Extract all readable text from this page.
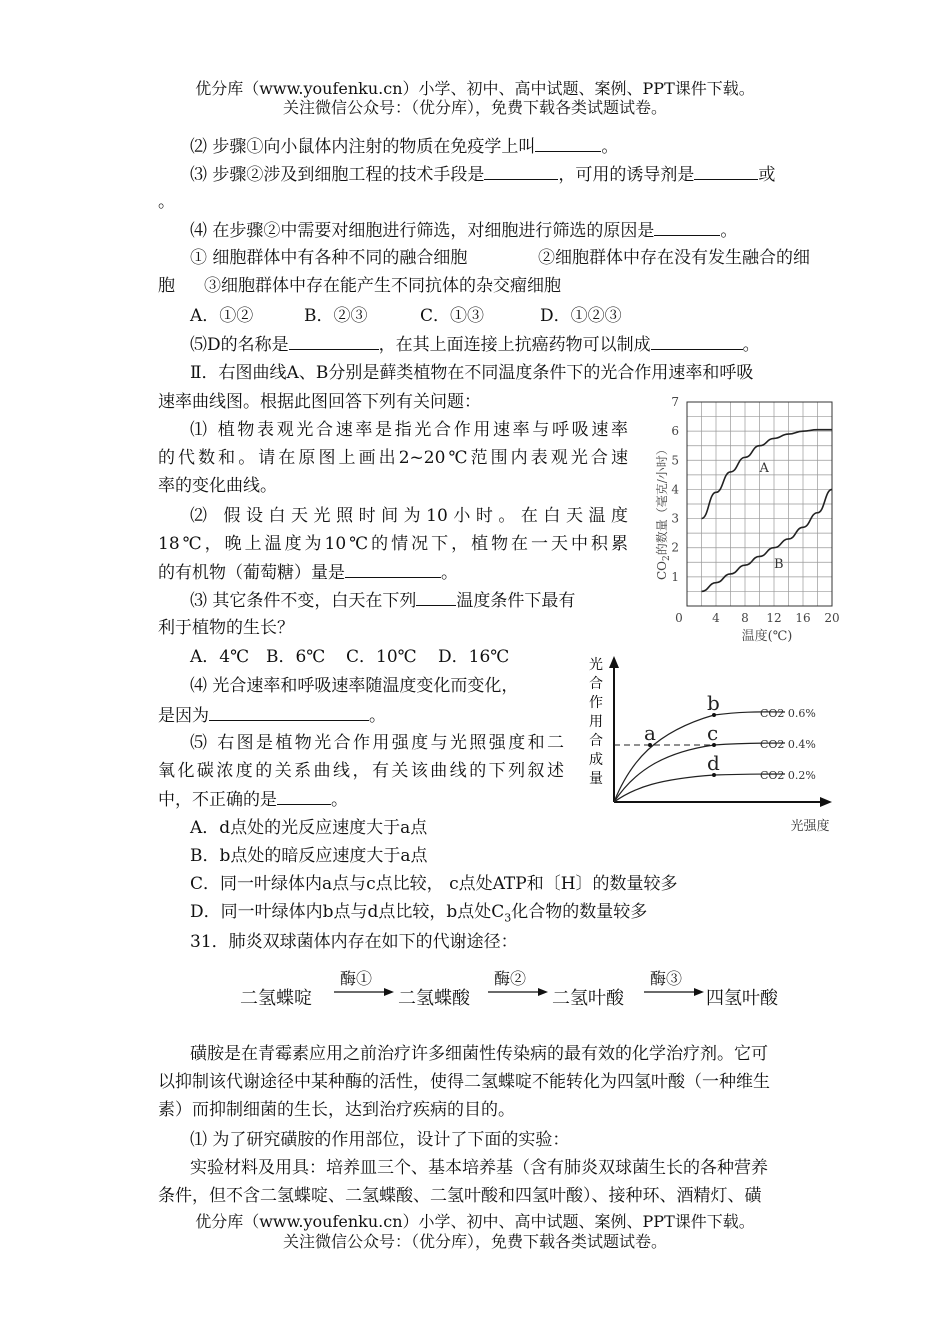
优分库（www.youfenku.cn）小学、初中、高中试题、案例、PPT课件下载。
关注微信公众号：（优分库），免费下载各类试题试卷。
⑵ 步骤①向小鼠体内注射的物质在免疫学上叫	。
⑶ 步骤②涉及到细胞工程的技术手段是	，可用的诱导剂是	或
。
⑷ 在步骤②中需要对细胞进行筛选，对细胞进行筛选的原因是	。
① 细胞群体中有各种不同的融合细胞	②细胞群体中存在没有发生融合的细
胞	③细胞群体中存在能产生不同抗体的杂交瘤细胞
A．①②	B．②③	C．①③	D．①②③
⑸D的名称是	，在其上面连接上抗癌药物可以制成	。
Ⅱ．右图曲线A、B分别是藓类植物在不同温度条件下的光合作用速率和呼吸
速率曲线图。根据此图回答下列有关问题：
⑴ 植物表观光合速率是指光合作用速率与呼吸速率
的代数和。请在原图上画出2~20℃范围内表观光合速
率的变化曲线。
⑵ 假设白天光照时间为10小时。在白天温度
18℃，晚上温度为10℃的情况下，植物在一天中积累
的有机物（葡萄糖）量是	。
⑶ 其它条件不变，白天在下列 温度条件下最有
利于植物的生长？
A．4℃ B．6℃	C．10℃	D．16℃
⑷ 光合速率和呼吸速率随温度变化而变化，
是因为	。
⑸ 右图是植物光合作用强度与光照强度和二
氧化碳浓度的关系曲线，有关该曲线的下列叙述
中，不正确的是	。
A．d点处的光反应速度大于a点
B．b点处的暗反应速度大于a点
C．同一叶绿体内a点与c点比较， c点处ATP和〔H〕的数量较多
D．同一叶绿体内b点与d点比较，b点处$C_3$化合物的数量较多
1
2
3
4
5
6
7
0 4 8 12 16 20
A
B
$CO_2$的数量（毫克/小时）
温度(℃)
光
合
作
用
合
成
量
a
b
c
d
CO2 0.6%
CO2 0.4%
CO2 0.2%
光强度
31．肺炎双球菌体内存在如下的代谢途径：
二氢蝶啶
酶①
二氢蝶酸
酶②
二氢叶酸
酶③
四氢叶酸
磺胺是在青霉素应用之前治疗许多细菌性传染病的最有效的化学治疗剂。它可
以抑制该代谢途径中某种酶的活性，使得二氢蝶啶不能转化为四氢叶酸（一种维生
素）而抑制细菌的生长，达到治疗疾病的目的。
⑴ 为了研究磺胺的作用部位，设计了下面的实验：
实验材料及用具：培养皿三个、基本培养基（含有肺炎双球菌生长的各种营养
条件，但不含二氢蝶啶、二氢蝶酸、二氢叶酸和四氢叶酸）、接种环、酒精灯、磺
优分库（www.youfenku.cn）小学、初中、高中试题、案例、PPT课件下载。
关注微信公众号：（优分库），免费下载各类试题试卷。
